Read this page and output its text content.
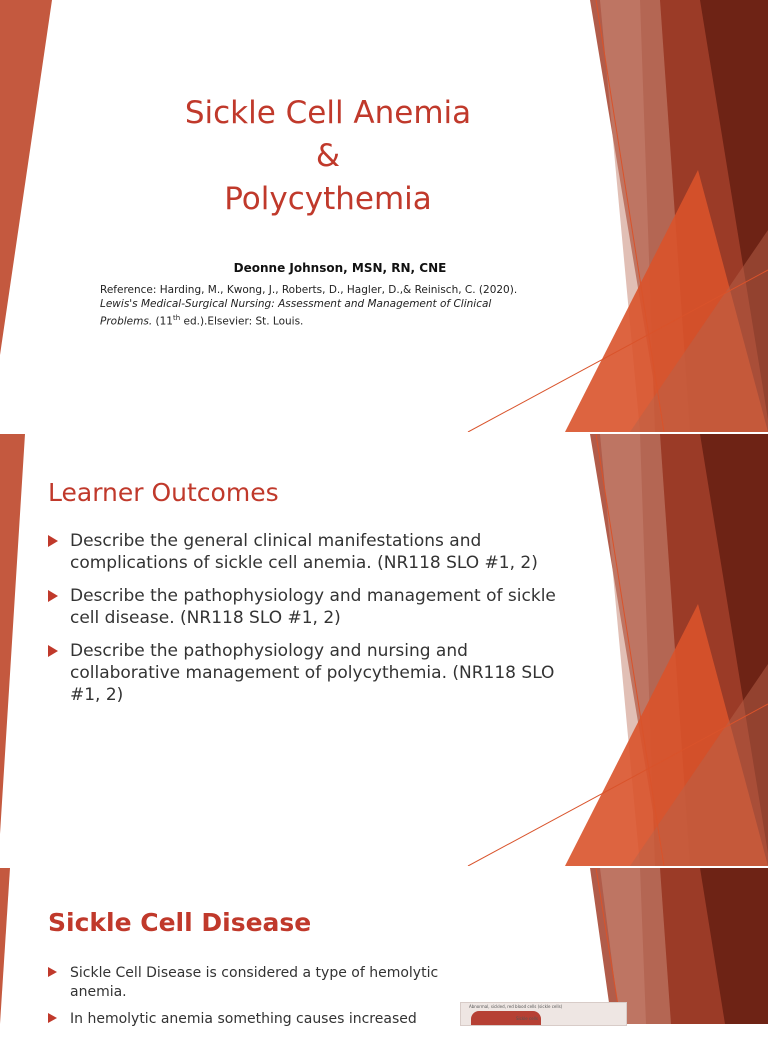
Sickle Cell Anemia
&
Polycythemia
Deonne Johnson, MSN, RN, CNE
Reference: Harding, M., Kwong, J., Roberts, D., Hagler, D.,& Reinisch, C. (2020). Lewis's Medical-Surgical Nursing: Assessment and Management of Clinical Problems. (11th ed.).Elsevier: St. Louis.
Learner Outcomes
Describe the general clinical manifestations and complications of sickle cell anemia. (NR118 SLO #1, 2)
Describe the pathophysiology and management of sickle cell disease. (NR118 SLO #1, 2)
Describe the pathophysiology and nursing and collaborative management of polycythemia. (NR118 SLO #1, 2)
Sickle Cell Disease
Sickle Cell Disease is considered a type of hemolytic anemia.
In hemolytic anemia something causes increased
Abnormal, sickled, red blood cells (sickle cells)
Sickle cells
